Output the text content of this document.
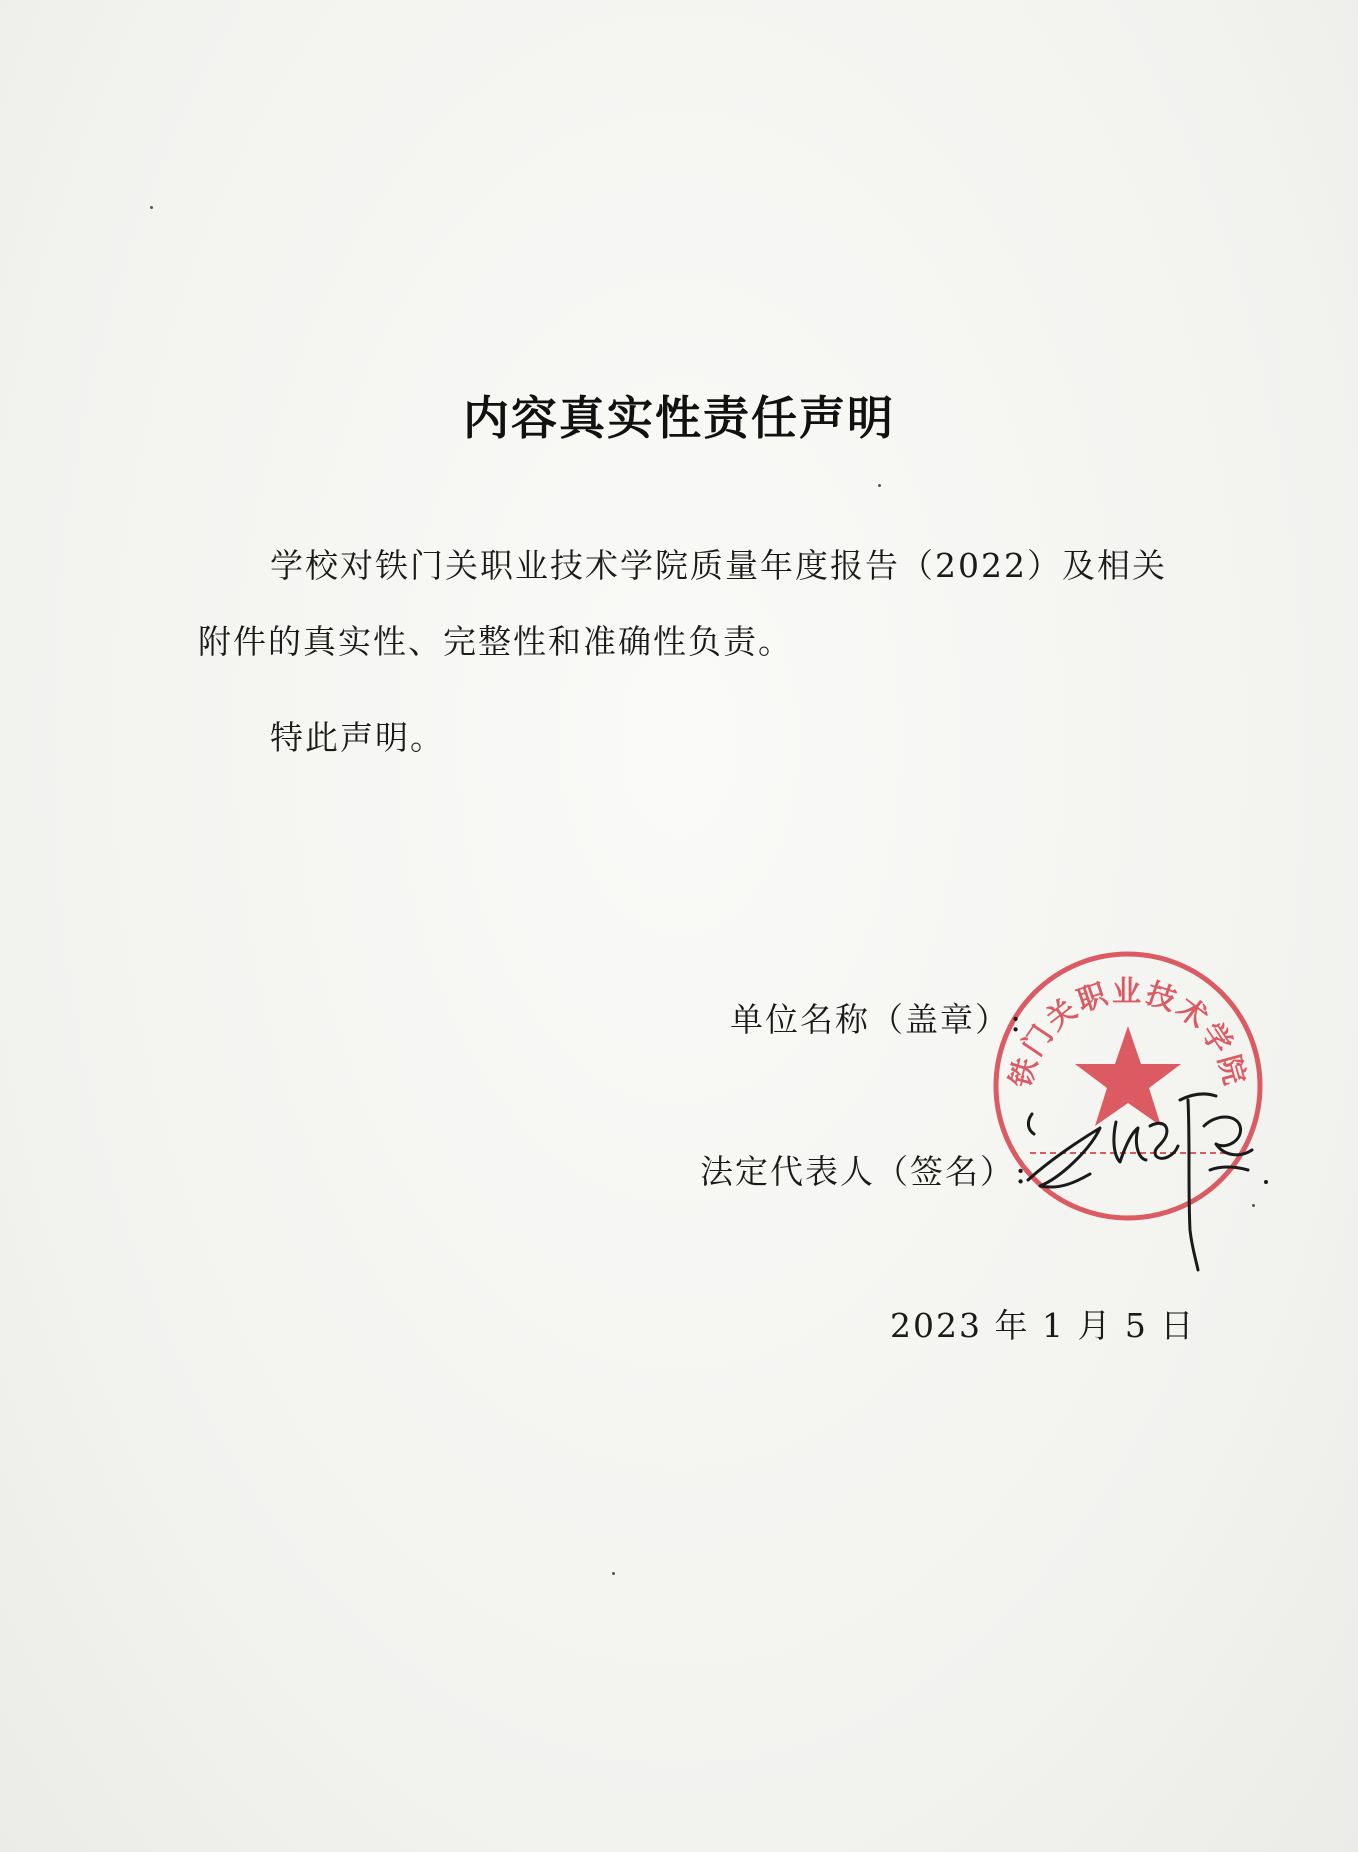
内容真实性责任声明
学校对铁门关职业技术学院质量年度报告（2022）及相关附件的真实性、完整性和准确性负责。
特此声明。
铁门关职业技术学院
单位名称（盖章）:
法定代表人（签名）:
2023 年 1 月 5 日
